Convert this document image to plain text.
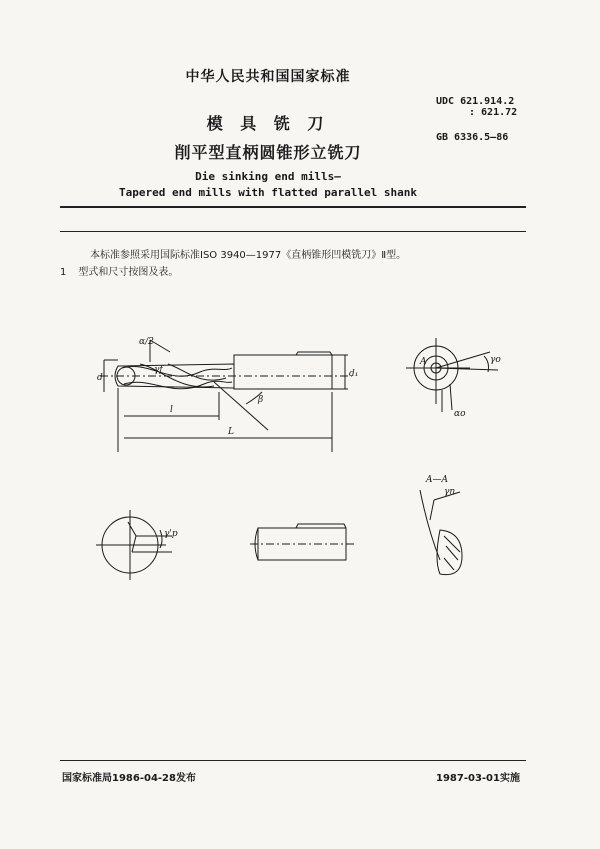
中华人民共和国国家标准
模 具 铣 刀
削平型直柄圆锥形立铣刀
Die sinking end mills—
Tapered end mills with flatted parallel shank
UDC 621.914.2
: 621.72
GB 6336.5—86
本标准参照采用国际标准ISO 3940—1977《直柄锥形凹模铣刀》Ⅱ型。
1 型式和尺寸按图及表。
α/2
d	d₁
l
L
β
γf
γo
αo
γ'p
A—A
γn
A
国家标准局1986-04-28发布	1987-03-01实施
